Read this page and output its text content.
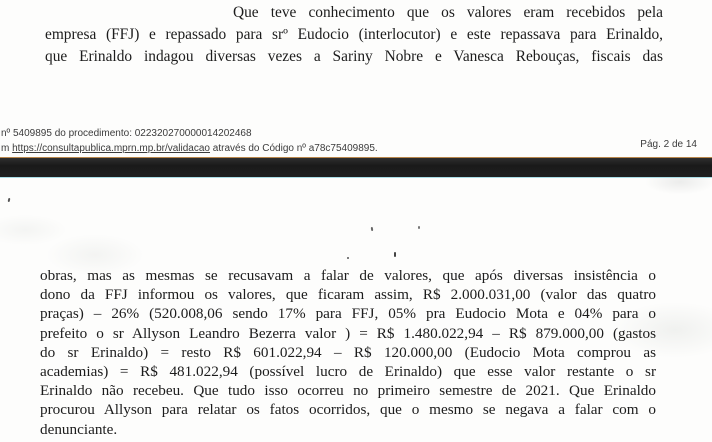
Que teve conhecimento que os valores eram recebidos pela
empresa (FFJ) e repassado para srº Eudocio (interlocutor) e este repassava para Erinaldo,
que Erinaldo indagou diversas vezes a Sariny Nobre e Vanesca Rebouças, fiscais das
nº 5409895 do procedimento: 022320270000014202468
m https://consultapublica.mprn.mp.br/validacao através do Código nº a78c75409895.	Pág. 2 de 14
obras, mas as mesmas se recusavam a falar de valores, que após diversas insistência o
dono da FFJ informou os valores, que ficaram assim, R$ 2.000.031,00 (valor das quatro
praças) – 26% (520.008,06 sendo 17% para FFJ, 05% pra Eudocio Mota e 04% para o
prefeito o sr Allyson Leandro Bezerra valor ) = R$ 1.480.022,94 – R$ 879.000,00 (gastos
do sr Erinaldo) = resto R$ 601.022,94 – R$ 120.000,00 (Eudocio Mota comprou as
academias) = R$ 481.022,94 (possível lucro de Erinaldo) que esse valor restante o sr
Erinaldo não recebeu. Que tudo isso ocorreu no primeiro semestre de 2021. Que Erinaldo
procurou Allyson para relatar os fatos ocorridos, que o mesmo se negava a falar com o
denunciante.
